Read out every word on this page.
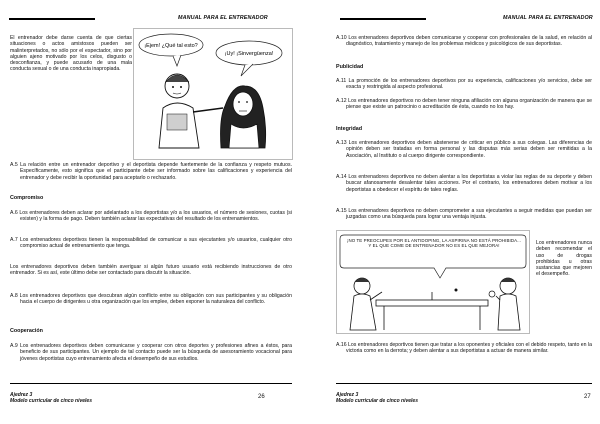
MANUAL PARA EL ENTRENADOR
El entrenador debe darse cuenta de que ciertas situaciones o actos amistosos pueden ser malinterpretados, no sólo por el espectador, sino por alguien ajeno motivado por los celos, disgusto o desconfianza, y puede acusarlo de una mala conducta sexual o de una conducta inapropiada.
¡Ejem! ¿Qué tal esto?
¡Uy! ¡Sinvergüenza!
A.5 La relación entre un entrenador deportivo y el deportista depende fuertemente de la confianza y respeto mutuos. Específicamente, esto significa que el participante debe ser informado sobre las calificaciones y experiencia del entrenador y debe recibir la oportunidad para aceptarlo o rechazarlo.
Compromiso
A.6 Los entrenadores deben aclarar por adelantado a los deportistas y/o a los usuarios, el número de sesiones, cuotas (si existen) y la forma de pago. Deben también aclarar las expectativas del resultado de los entrenamientos.
A.7 Los entrenadores deportivos tienen la responsabilidad de comunicar a sus ejecutantes y/o usuarios, cualquier otro compromiso actual de entrenamiento que tenga.
Los entrenadores deportivos deben también averiguar si algún futuro usuario está recibiendo instrucciones de otro entrenador. Si es así, este último debe ser contactado para discutir la situación.
A.8 Los entrenadores deportivos que descubran algún conflicto entre su obligación con sus participantes y su obligación hacia el cuerpo de dirigentes u otra organización que los emplee, deben exponer la naturaleza del conflicto.
Cooperación
A.9 Los entrenadores deportivos deben comunicarse y cooperar con otros deportes y profesiones afines a éstos, para beneficio de sus participantes. Un ejemplo de tal contacto puede ser la búsqueda de asesoramiento vocacional para jóvenes deportistas cuyo entrenamiento afecta el desempeño de sus estudios.
Ajedrez 3
Modelo curricular de cinco niveles
26
MANUAL PARA EL ENTRENADOR
A.10 Los entrenadores deportivos deben comunicarse y cooperar con profesionales de la salud, en relación al diagnóstico, tratamiento y manejo de los problemas médicos y psicológicos de sus deportistas.
Publicidad
A.11 La promoción de los entrenadores deportivos por su experiencia, calificaciones y/o servicios, debe ser exacta y restringida al aspecto profesional.
A.12 Los entrenadores deportivos no deben tener ninguna afiliación con alguna organización de manera que se piense que existe un patrocinio o acreditación de ésta, cuando no los hay.
Integridad
A.13 Los entrenadores deportivos deben abstenerse de criticar en público a sus colegas. Las diferencias de opinión deben ser tratadas en forma personal y las disputas más serias deben ser remitidas a la Asociación, al Instituto o al cuerpo dirigente correspondiente.
A.14 Los entrenadores deportivos no deben alentar a los deportistas a violar las reglas de su deporte y deben buscar afanosamente desalentar tales acciones. Por el contrario, los entrenadores deben motivar a los deportistas a obedecer el espíritu de tales reglas.
A.15 Los entrenadores deportivos no deben comprometer a sus ejecutantes a seguir medidas que puedan ser juzgadas como una búsqueda para lograr una ventaja injusta.
¡NO TE PREOCUPES POR EL ANTIDOPING, LA ASPIRINA NO ESTÁ PROHIBIDA... Y EL QUE COME DE ENTRENADOR NO ES EL QUE MEJORA!	Los entrenadores nunca deben recomendar el uso de drogas prohibidas u otras sustancias que mejoren el desempeño.
A.16 Los entrenadores deportivos tienen que tratar a los oponentes y oficiales con el debido respeto, tanto en la victoria como en la derrota; y deben alentar a sus deportistas a actuar de manera similar.
Ajedrez 3
Modelo curricular de cinco niveles
27
